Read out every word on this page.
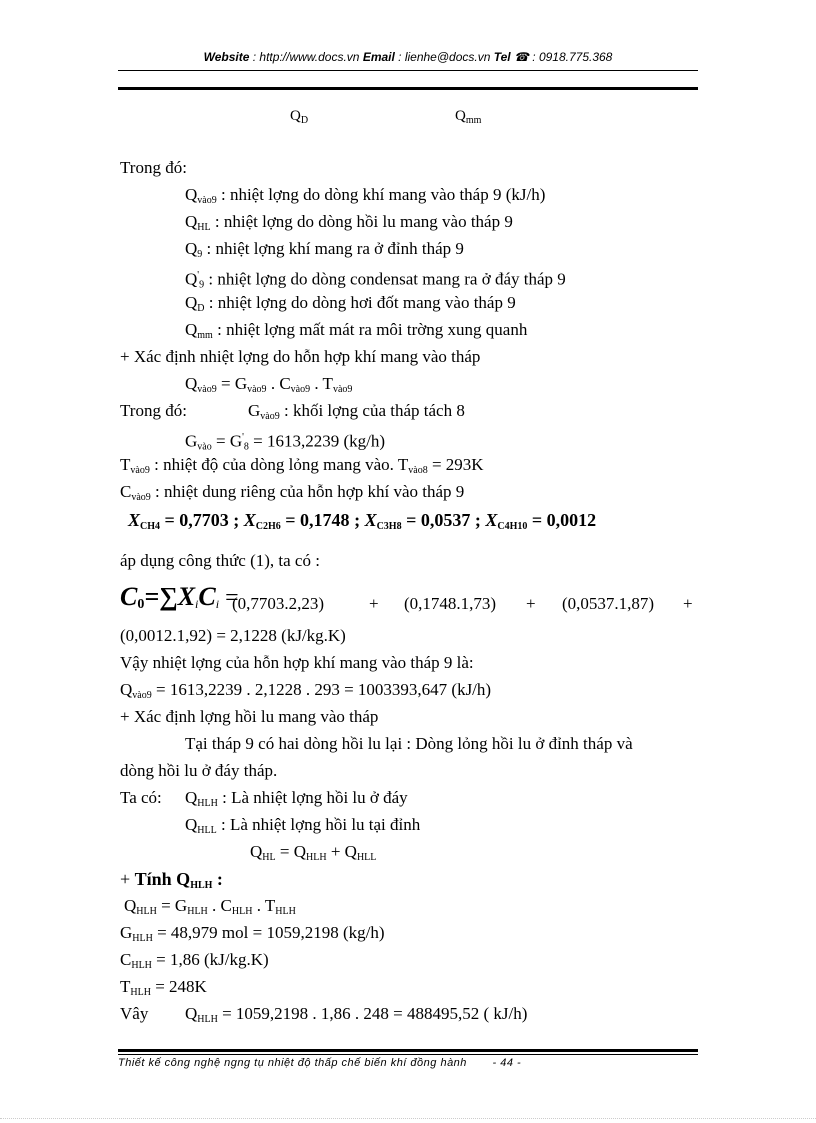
Website : http://www.docs.vn Email : lienhe@docs.vn Tel ☎ : 0918.775.368
$Q_D$	$Q_{mm}$
Trong đó:
$Q_{vào9}$ : nhiệt lợng do dòng khí mang vào tháp 9 (kJ/h)
$Q_{HL}$ : nhiệt lợng do dòng hồi lu mang vào tháp 9
$Q_9$ : nhiệt lợng khí mang ra ở đỉnh tháp 9
$Q'_9$ : nhiệt lợng do dòng condensat mang ra ở đáy tháp 9
$Q_D$ : nhiệt lợng do dòng hơi đốt mang vào tháp 9
$Q_{mm}$ : nhiệt lợng mất mát ra môi trờng xung quanh
+ Xác định nhiệt lợng do hỗn hợp khí mang vào tháp
$Q_{vào9} = G_{vào9}$ . $C_{vào9}$ . $T_{vào9}$
Trong đó:	$G_{vào9}$ : khối lợng của tháp tách 8
$G_{vào} = G'_8 = 1613,2239$ (kg/h)
$T_{vào9}$ : nhiệt độ của dòng lỏng mang vào. $T_{vào8} = 293K$
$C_{vào9}$ : nhiệt dung riêng của hỗn hợp khí vào tháp 9
$X_{CH4} = 0,7703$ ; $X_{C2H6} = 0,1748$ ; $X_{C3H8} = 0,0537$ ; $X_{C4H10} = 0,0012$
áp dụng công thức (1), ta có :
$C_0=\sum X_iC_i$ =
(0,7703.2,23)	+ (0,1748.1,73) + (0,0537.1,87) +
(0,0012.1,92) = 2,1228 (kJ/kg.K)
Vậy nhiệt lợng của hỗn hợp khí mang vào tháp 9 là:
$Q_{vào9} = 1613,2239$ . 2,1228 . 293 = 1003393,647 (kJ/h)
+ Xác định lợng hồi lu mang vào tháp
Tại tháp 9 có hai dòng hồi lu lại : Dòng lỏng hồi lu ở đỉnh tháp và
dòng hồi lu ở đáy tháp.
Ta có: $Q_{HLH}$ : Là nhiệt lợng hồi lu ở đáy
$Q_{HLL}$ : Là nhiệt lợng hồi lu tại đỉnh
$Q_{HL} = Q_{HLH} + Q_{HLL}$
+ Tính $Q_{HLH}$ :
$Q_{HLH} = G_{HLH}$ . $C_{HLH}$ . $T_{HLH}$
$G_{HLH} = 48,979$ mol = 1059,2198 (kg/h)
$C_{HLH} = 1,86$ (kJ/kg.K)
$T_{HLH} = 248K$
Vây $Q_{HLH} = 1059,2198$ . 1,86 . 248 = 488495,52 ( kJ/h)
Thiết kế công nghệ ngng tụ nhiệt độ thấp chế biến khí đồng hành - 44 -
